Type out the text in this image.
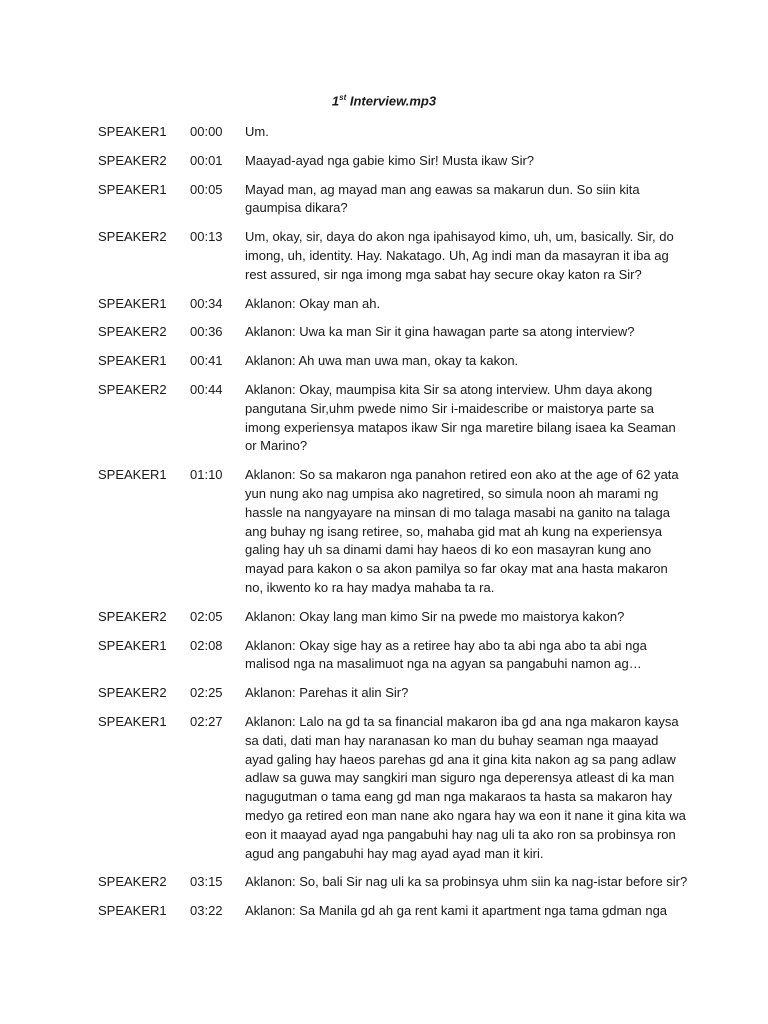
1st Interview.mp3
SPEAKER1	00:00	Um.
SPEAKER2	00:01	Maayad-ayad nga gabie kimo Sir! Musta ikaw Sir?
SPEAKER1	00:05	Mayad man, ag mayad man ang eawas sa makarun dun. So siin kita gaumpisa dikara?
SPEAKER2	00:13	Um, okay, sir, daya do akon nga ipahisayod kimo, uh, um, basically. Sir, do imong, uh, identity. Hay. Nakatago. Uh, Ag indi man da masayran it iba ag rest assured, sir nga imong mga sabat hay secure okay katon ra Sir?
SPEAKER1	00:34	Aklanon: Okay man ah.
SPEAKER2	00:36	Aklanon: Uwa ka man Sir it gina hawagan parte sa atong interview?
SPEAKER1	00:41	Aklanon: Ah uwa man uwa man, okay ta kakon.
SPEAKER2	00:44	Aklanon: Okay, maumpisa kita Sir sa atong interview. Uhm daya akong pangutana Sir,uhm pwede nimo Sir i-maidescribe or maistorya parte sa imong experiensya matapos ikaw Sir nga maretire bilang isaea ka Seaman or Marino?
SPEAKER1	01:10	Aklanon: So sa makaron nga panahon retired eon ako at the age of 62 yata yun nung ako nag umpisa ako nagretired, so simula noon ah marami ng hassle na nangyayare na minsan di mo talaga masabi na ganito na talaga ang buhay ng isang retiree, so, mahaba gid mat ah kung na experiensya galing hay uh sa dinami dami hay haeos di ko eon masayran kung ano mayad para kakon o sa akon pamilya so far okay mat ana hasta makaron no, ikwento ko ra hay madya mahaba ta ra.
SPEAKER2	02:05	Aklanon: Okay lang man kimo Sir na pwede mo maistorya kakon?
SPEAKER1	02:08	Aklanon: Okay sige hay as a retiree hay abo ta abi nga abo ta abi nga malisod nga na masalimuot nga na agyan sa pangabuhi namon ag…
SPEAKER2	02:25	Aklanon: Parehas it alin Sir?
SPEAKER1	02:27	Aklanon: Lalo na gd ta sa financial makaron iba gd ana nga makaron kaysa sa dati, dati man hay naranasan ko man du buhay seaman nga maayad ayad galing hay haeos parehas gd ana it gina kita nakon ag sa pang adlaw adlaw sa guwa may sangkiri man siguro nga deperensya atleast di ka man nagugutman o tama eang gd man nga makaraos ta hasta sa makaron hay medyo ga retired eon man nane ako ngara hay wa eon it nane it gina kita wa eon it maayad ayad nga pangabuhi hay nag uli ta ako ron sa probinsya ron agud ang pangabuhi hay mag ayad ayad man it kiri.
SPEAKER2	03:15	Aklanon: So, bali Sir nag uli ka sa probinsya uhm siin ka nag-istar before sir?
SPEAKER1	03:22	Aklanon: Sa Manila gd ah ga rent kami it apartment nga tama gdman nga
